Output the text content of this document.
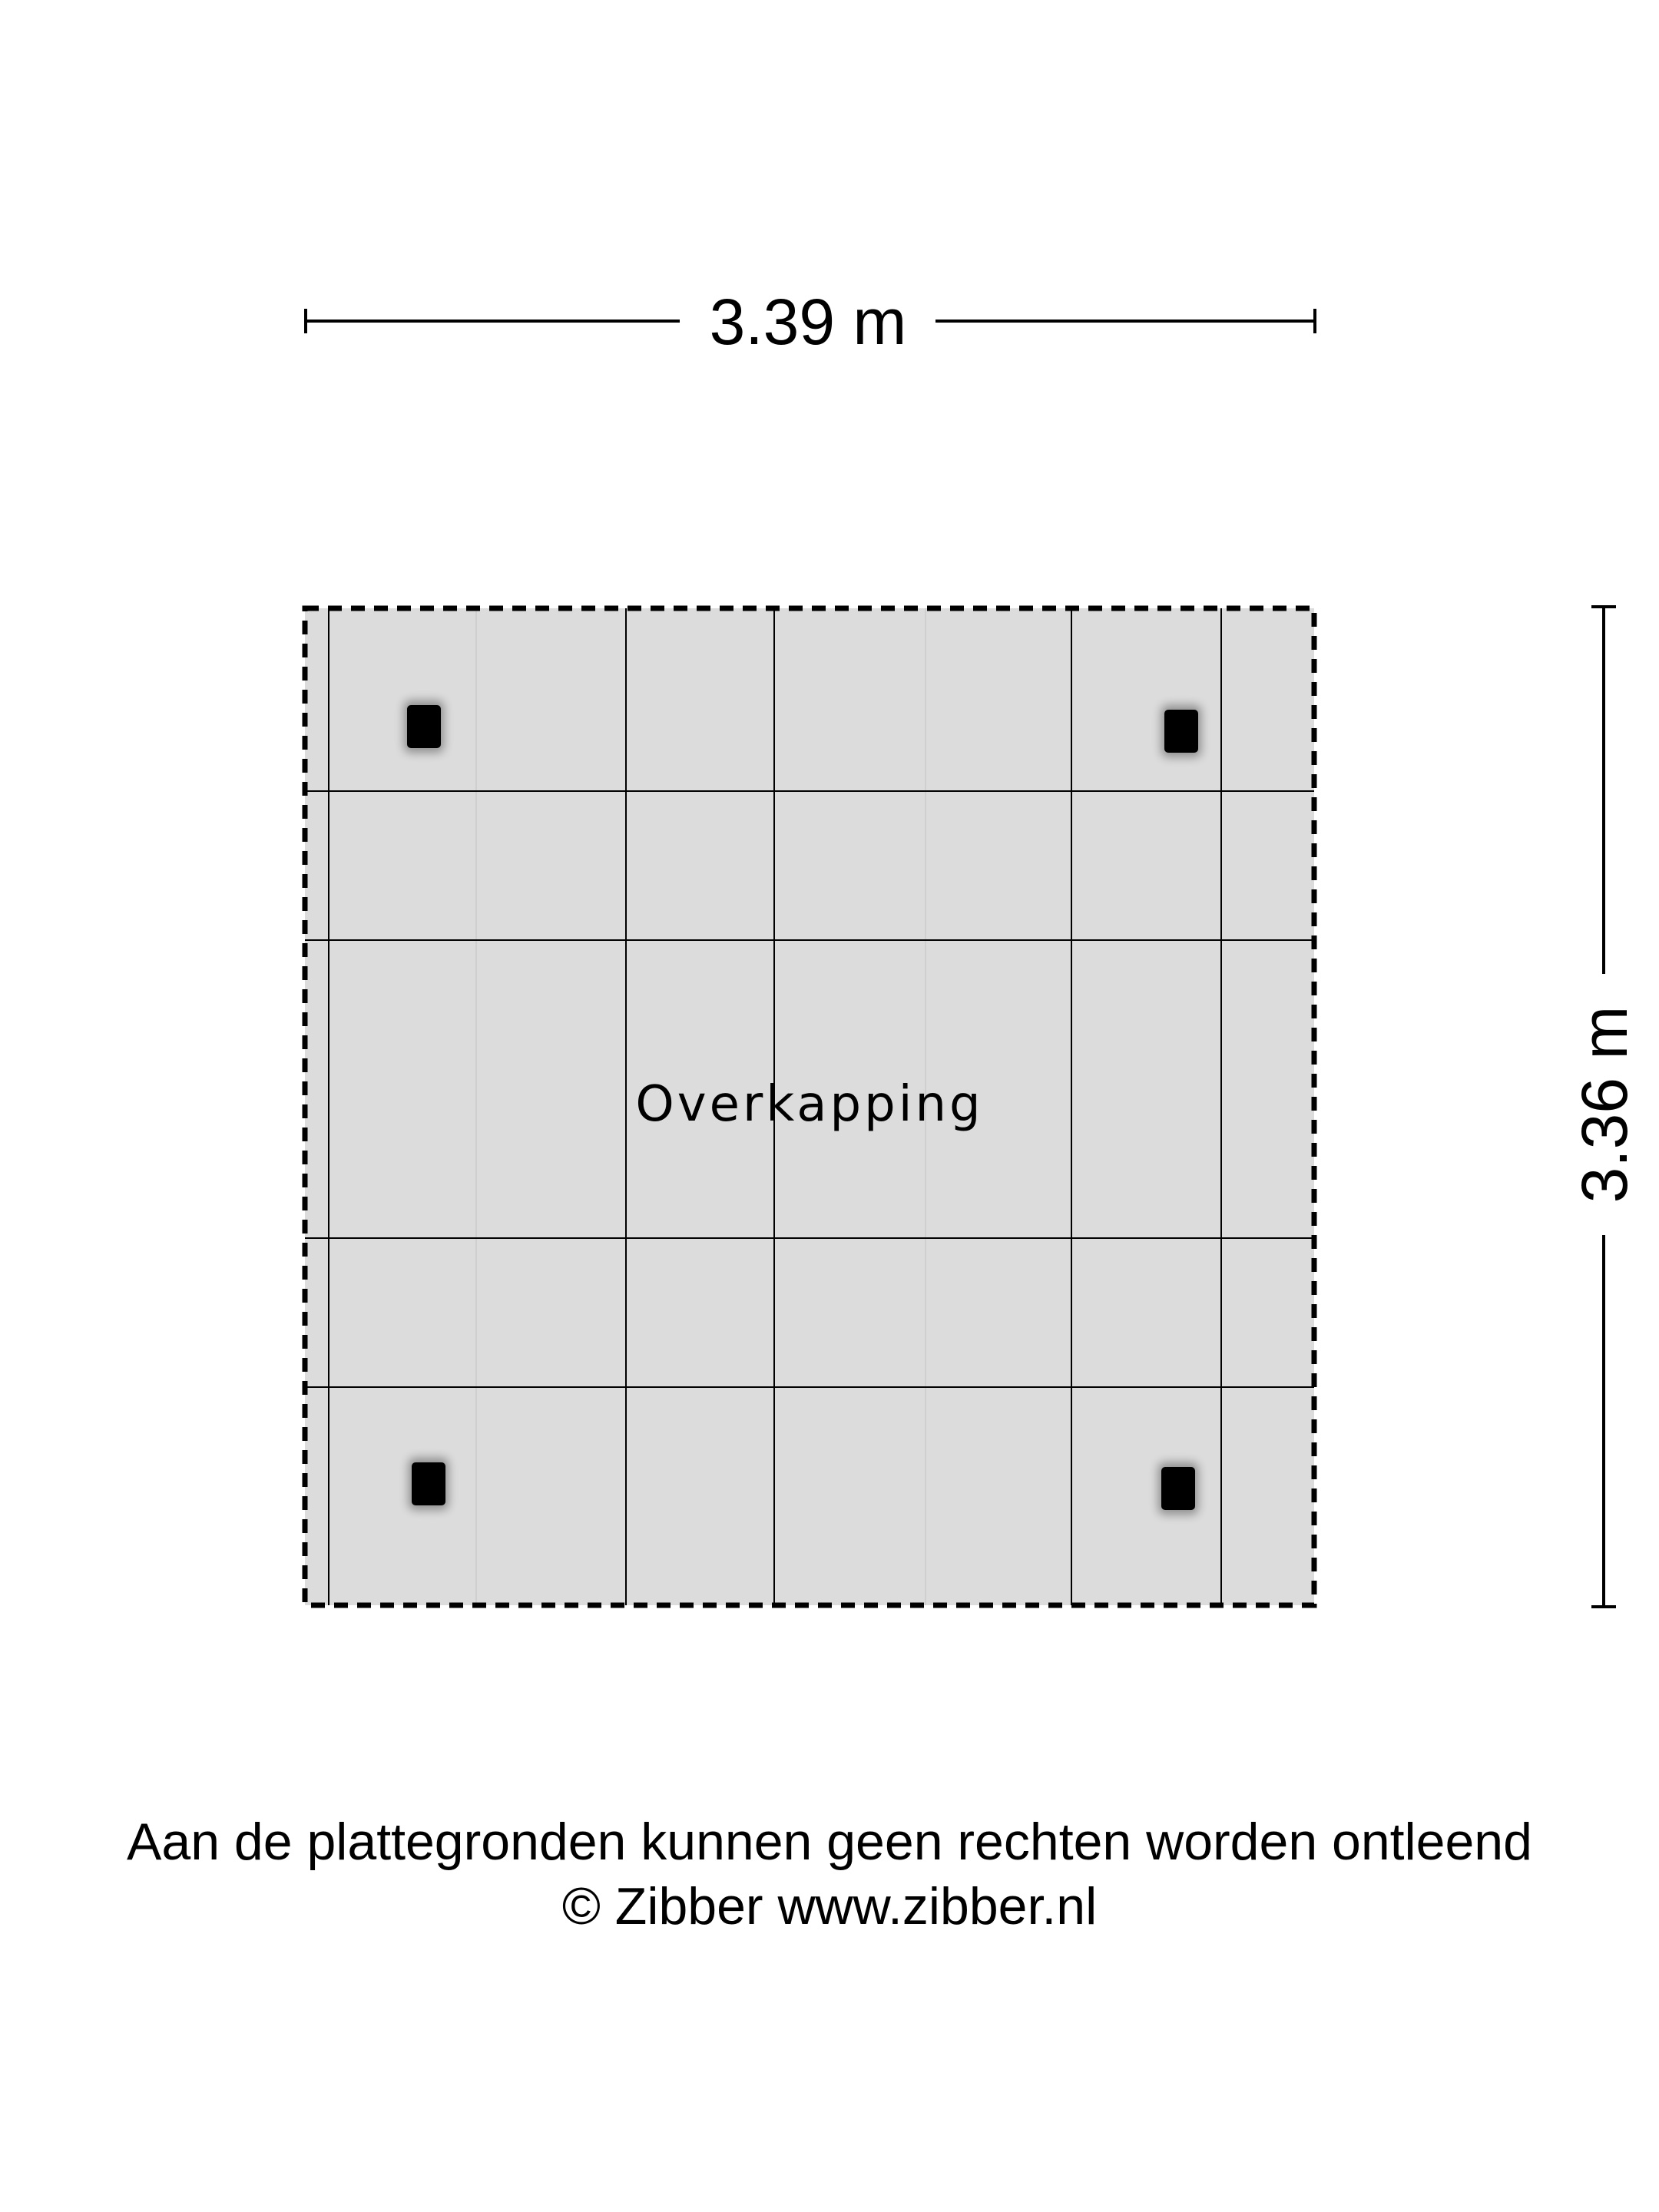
3.39 m
3.36 m
Overkapping
Aan de plattegronden kunnen geen rechten worden ontleend
© Zibber www.zibber.nl
